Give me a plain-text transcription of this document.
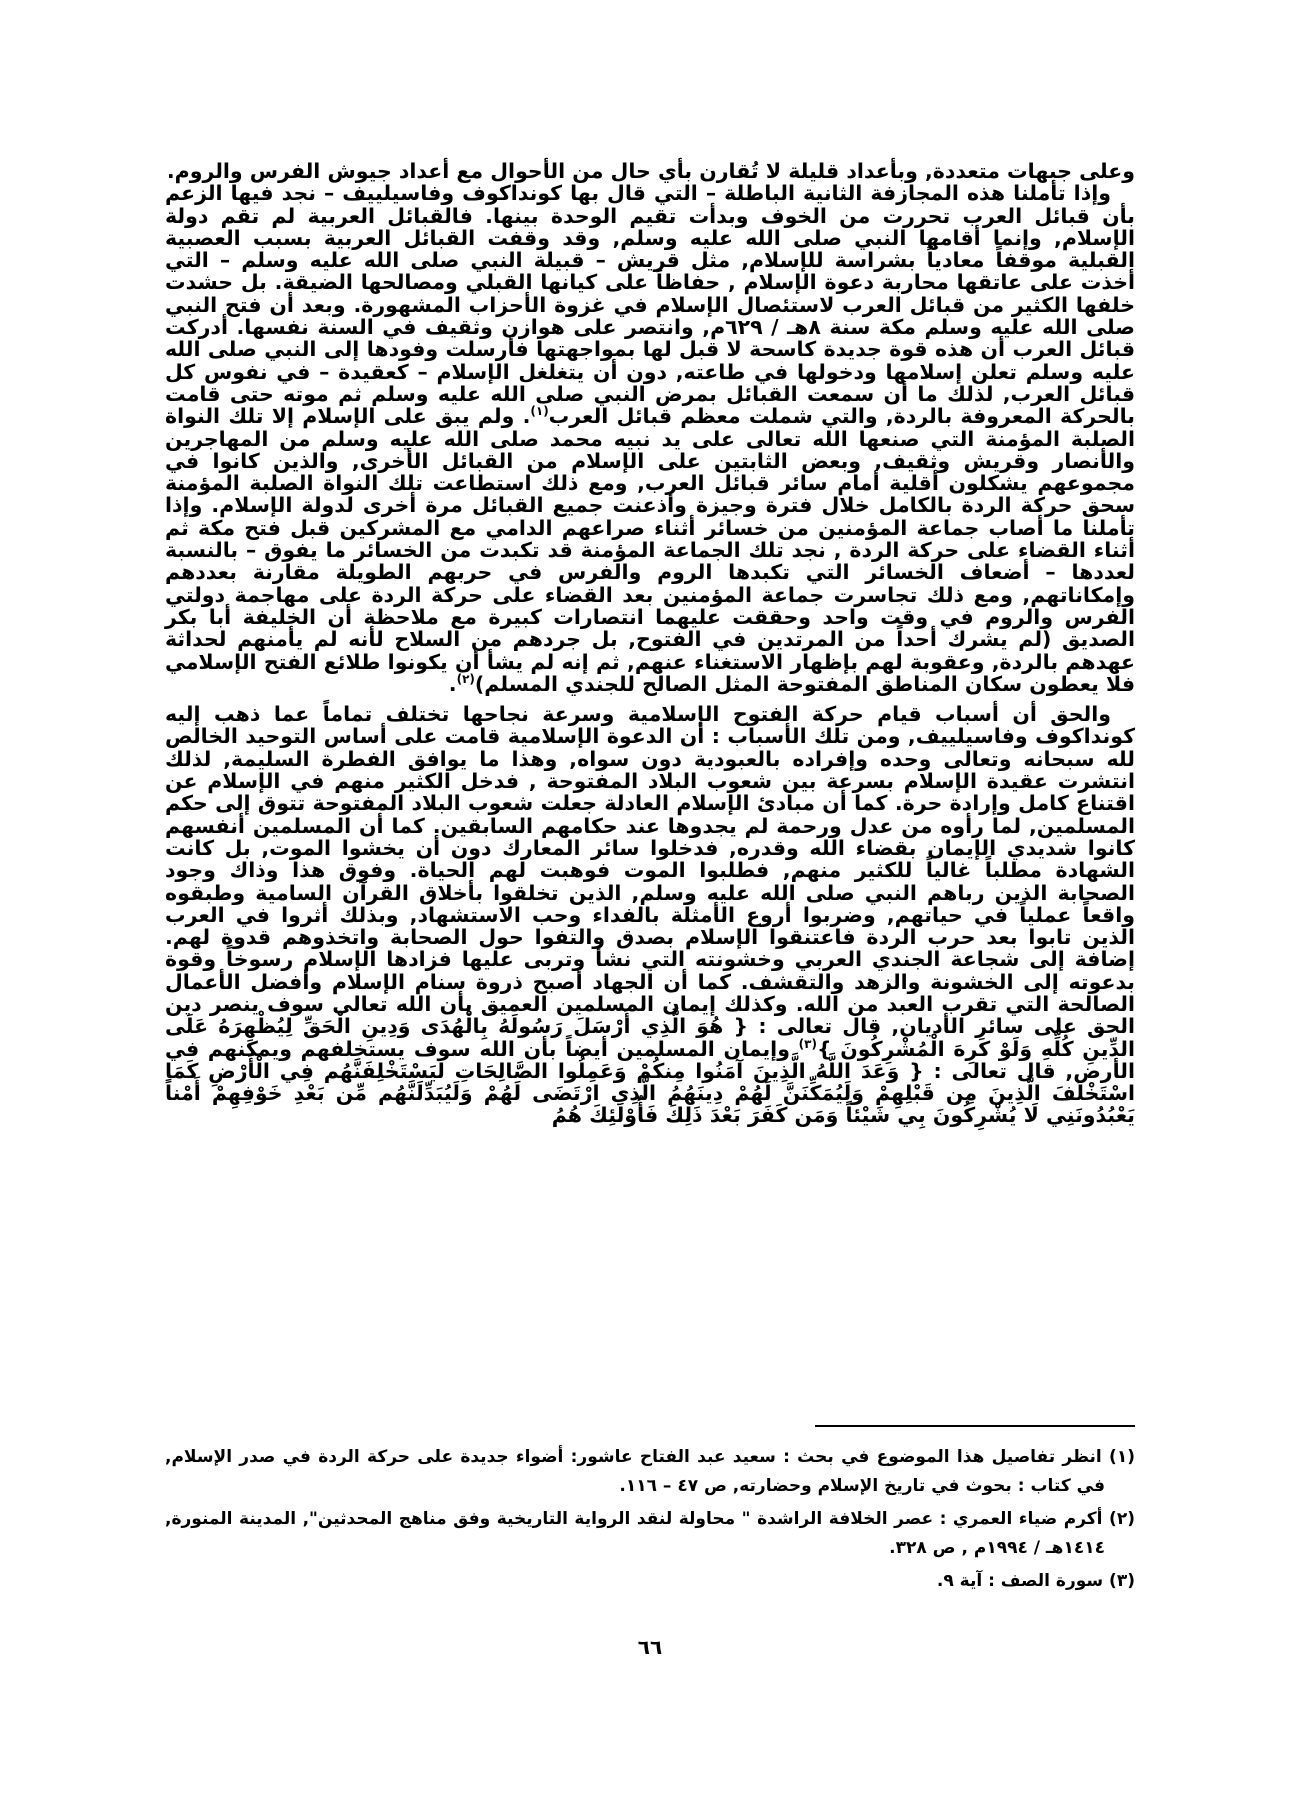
وعلى جبهات متعددة, وبأعداد قليلة لا تُقارن بأي حال من الأحوال مع أعداد جيوش الفرس والروم.

وإذا تأملنا هذه المجازفة الثانية الباطلة – التي قال بها كونداكوف وفاسيلييف – نجد فيها الزعم بأن قبائل العرب تحررت من الخوف وبدأت تقيم الوحدة بينها. فالقبائل العربية لم تقم دولة الإسلام, وإنما أقامها النبي صلى الله عليه وسلم, وقد وقفت القبائل العربية بسبب العصبية القبلية موقفاً معادياً بشراسة للإسلام, مثل قريش – قبيلة النبي صلى الله عليه وسلم – التي أخذت على عاتقها محاربة دعوة الإسلام , حفاظاً على كيانها القبلي ومصالحها الضيقة. بل حشدت خلفها الكثير من قبائل العرب لاستئصال الإسلام في غزوة الأحزاب المشهورة. وبعد أن فتح النبي صلى الله عليه وسلم مكة سنة ٨هـ / ٦٢٩م, وانتصر على هوازن وثقيف في السنة نفسها. أدركت قبائل العرب أن هذه قوة جديدة كاسحة لا قبل لها بمواجهتها فأرسلت وفودها إلى النبي صلى الله عليه وسلم تعلن إسلامها ودخولها في طاعته, دون أن يتغلغل الإسلام – كعقيدة – في نفوس كل قبائل العرب, لذلك ما أن سمعت القبائل بمرض النبي صلى الله عليه وسلم ثم موته حتى قامت بالحركة المعروفة بالردة, والتي شملت معظم قبائل العرب$^{(١)}$. ولم يبق على الإسلام إلا تلك النواة الصلبة المؤمنة التي صنعها الله تعالى على يد نبيه محمد صلى الله عليه وسلم من المهاجرين والأنصار وقريش وثقيف, وبعض الثابتين على الإسلام من القبائل الأخرى, والذين كانوا في مجموعهم يشكلون أقلية أمام سائر قبائل العرب, ومع ذلك استطاعت تلك النواة الصلبة المؤمنة سحق حركة الردة بالكامل خلال فترة وجيزة وأذعنت جميع القبائل مرة أخرى لدولة الإسلام. وإذا تأملنا ما أصاب جماعة المؤمنين من خسائر أثناء صراعهم الدامي مع المشركين قبل فتح مكة ثم أثناء القضاء على حركة الردة , نجد تلك الجماعة المؤمنة قد تكبدت من الخسائر ما يفوق – بالنسبة لعددها – أضعاف الخسائر التي تكبدها الروم والفرس في حربهم الطويلة مقارنة بعددهم وإمكاناتهم, ومع ذلك تجاسرت جماعة المؤمنين بعد القضاء على حركة الردة على مهاجمة دولتي الفرس والروم في وقت واحد وحققت عليهما انتصارات كبيرة مع ملاحظة أن الخليفة أبا بكر الصديق (لم يشرك أحداً من المرتدين في الفتوح, بل جردهم من السلاح لأنه لم يأمنهم لحداثة عهدهم بالردة, وعقوبة لهم بإظهار الاستغناء عنهم, ثم إنه لم يشأ أن يكونوا طلائع الفتح الإسلامي فلا يعطون سكان المناطق المفتوحة المثل الصالح للجندي المسلم)$^{(٢)}$.

والحق أن أسباب قيام حركة الفتوح الإسلامية وسرعة نجاحها تختلف تماماً عما ذهب إليه كونداكوف وفاسيلييف, ومن تلك الأسباب : أن الدعوة الإسلامية قامت على أساس التوحيد الخالص لله سبحانه وتعالى وحده وإفراده بالعبودية دون سواه, وهذا ما يوافق الفطرة السليمة, لذلك انتشرت عقيدة الإسلام بسرعة بين شعوب البلاد المفتوحة , فدخل الكثير منهم في الإسلام عن اقتناع كامل وإرادة حرة. كما أن مبادئ الإسلام العادلة جعلت شعوب البلاد المفتوحة تتوق إلى حكم المسلمين, لما رأوه من عدل ورحمة لم يجدوها عند حكامهم السابقين. كما أن المسلمين أنفسهم كانوا شديدي الإيمان بقضاء الله وقدره, فدخلوا سائر المعارك دون أن يخشوا الموت, بل كانت الشهادة مطلباً غالياً للكثير منهم, فطلبوا الموت فوهبت لهم الحياة. وفوق هذا وذاك وجود الصحابة الذين رباهم النبي صلى الله عليه وسلم, الذين تخلقوا بأخلاق القرآن السامية وطبقوه واقعاً عملياً في حياتهم, وضربوا أروع الأمثلة بالفداء وحب الاستشهاد, وبذلك أثروا في العرب الذين تابوا بعد حرب الردة فاعتنقوا الإسلام بصدق والتفوا حول الصحابة واتخذوهم قدوة لهم. إضافة إلى شجاعة الجندي العربي وخشونته التي نشأ وتربى عليها فزادها الإسلام رسوخاً وقوة بدعوته إلى الخشونة والزهد والتقشف. كما أن الجهاد أصبح ذروة سنام الإسلام وأفضل الأعمال الصالحة التي تقرب العبد من الله. وكذلك إيمان المسلمين العميق بأن الله تعالى سوف ينصر دين الحق على سائر الأديان, قال تعالى : { هُوَ الَّذِي أَرْسَلَ رَسُولَهُ بِالْهُدَى وَدِينِ الْحَقِّ لِيُظْهِرَهُ عَلَى الدِّينِ كُلِّهِ وَلَوْ كَرِهَ الْمُشْرِكُونَ }$^{(٣)}$ وإيمان المسلمين أيضاً بأن الله سوف يستخلفهم ويمكنهم في الأرض, قال تعالى : { وَعَدَ اللَّهُ الَّذِينَ آمَنُوا مِنكُمْ وَعَمِلُوا الصَّالِحَاتِ لَيَسْتَخْلِفَنَّهُم فِي الْأَرْضِ كَمَا اسْتَخْلَفَ الَّذِينَ مِن قَبْلِهِمْ وَلَيُمَكِّنَنَّ لَهُمْ دِينَهُمُ الَّذِي ارْتَضَى لَهُمْ وَلَيُبَدِّلَنَّهُم مِّن بَعْدِ خَوْفِهِمْ أَمْناً يَعْبُدُونَنِي لَا يُشْرِكُونَ بِي شَيْئاً وَمَن كَفَرَ بَعْدَ ذَلِكَ فَأُوْلَئِكَ هُمُ

(١) انظر تفاصيل هذا الموضوع في بحث : سعيد عبد الفتاح عاشور: أضواء جديدة على حركة الردة في صدر الإسلام, في كتاب : بحوث في تاريخ الإسلام وحضارته, ص ٤٧ – ١١٦.

(٢) أكرم ضياء العمري : عصر الخلافة الراشدة " محاولة لنقد الرواية التاريخية وفق مناهج المحدثين", المدينة المنورة, ١٤١٤هـ / ١٩٩٤م , ص ٣٢٨.

(٣) سورة الصف : آية ٩.

٦٦
